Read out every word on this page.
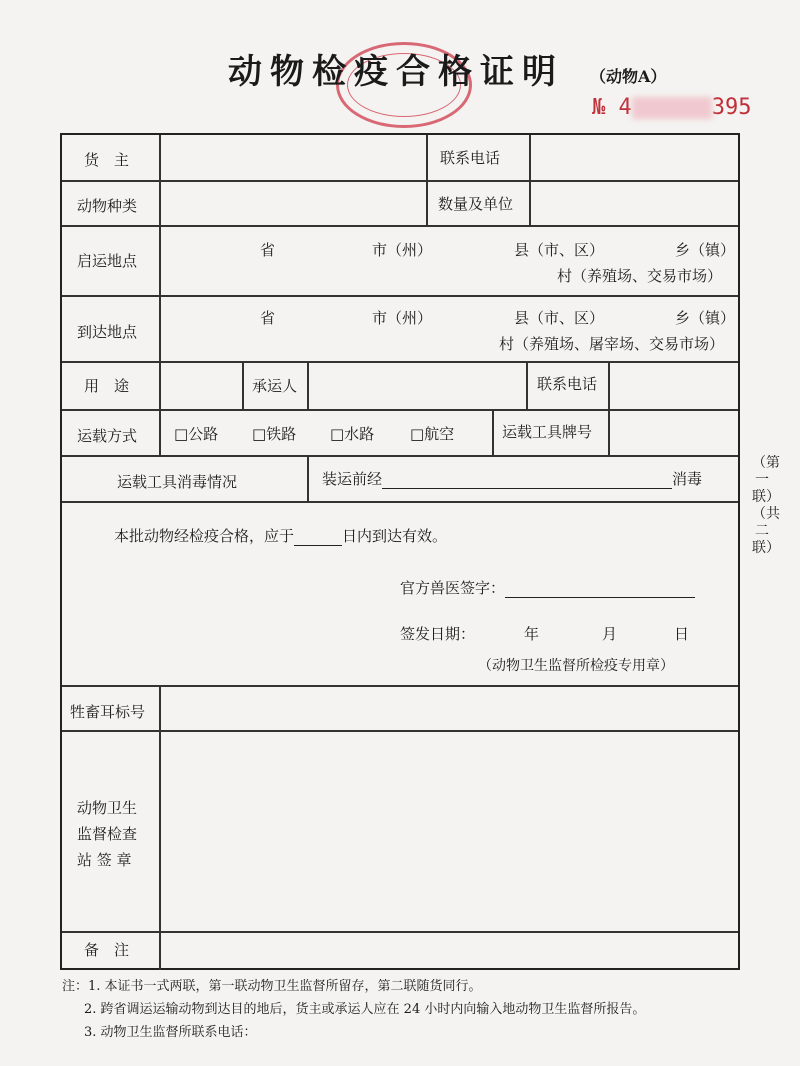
动物检疫合格证明 （动物A）
№ 4	395
货　主	联系电话
动物种类	数量及单位
启运地点
省	市（州）	县（市、区）	乡（镇）
村（养殖场、交易市场）
到达地点
省	市（州）	县（市、区）	乡（镇）
村（养殖场、屠宰场、交易市场）
用　途	承运人	联系电话
运载方式 □公路 □铁路 □水路 □航空	运载工具牌号
运载工具消毒情况	装运前经	消毒
本批动物经检疫合格，应于	日内到达有效。
官方兽医签字：
签发日期：	年	月	日
（动物卫生监督所检疫专用章）
牲畜耳标号
动物卫生
监督检查
站 签 章
备　注
（第一联）（共二联）
注：1. 本证书一式两联，第一联动物卫生监督所留存，第二联随货同行。
2. 跨省调运运输动物到达目的地后，货主或承运人应在 24 小时内向输入地动物卫生监督所报告。
3. 动物卫生监督所联系电话：
